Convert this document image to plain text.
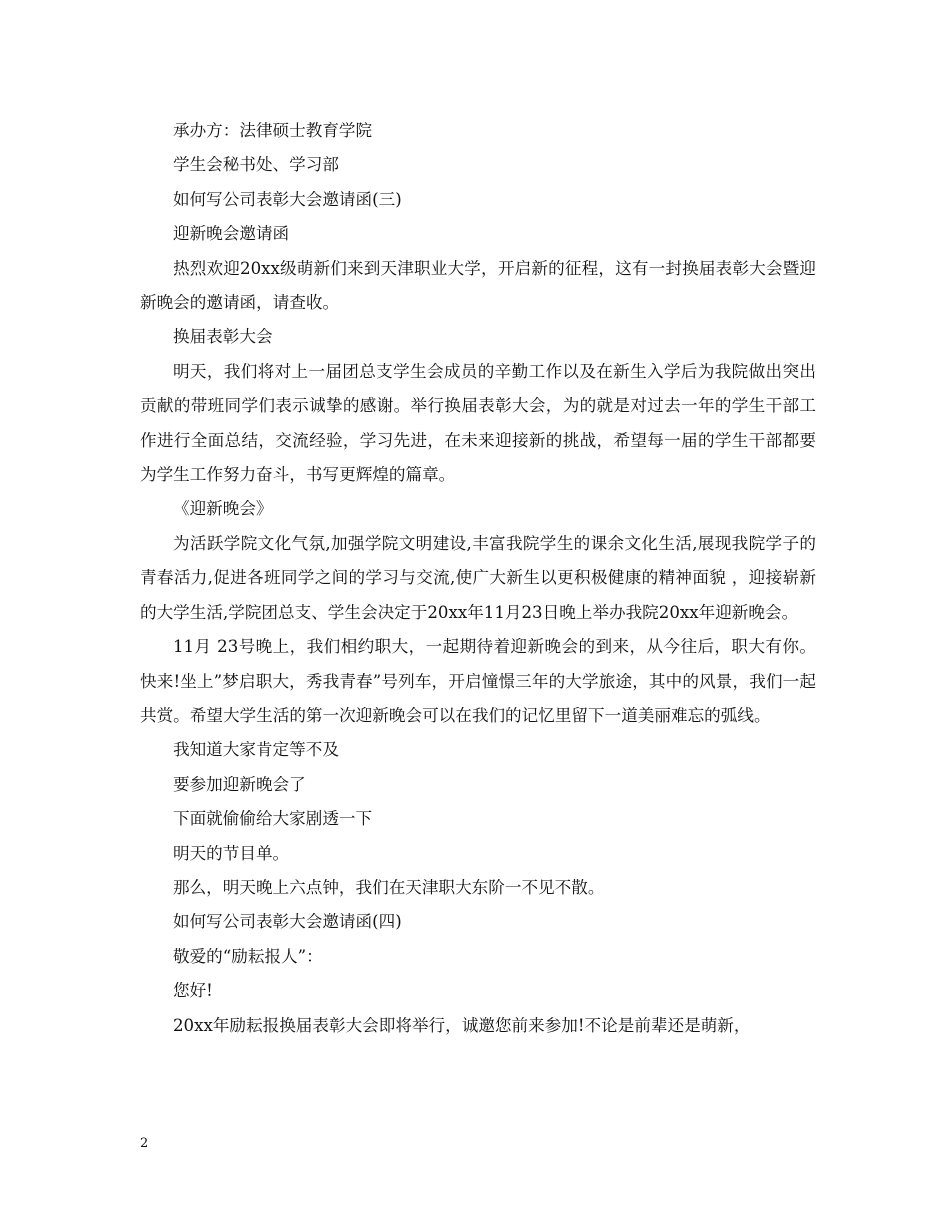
承办方：法律硕士教育学院

学生会秘书处、学习部

如何写公司表彰大会邀请函(三)

迎新晚会邀请函

热烈欢迎20xx级萌新们来到天津职业大学，开启新的征程，这有一封换届表彰大会暨迎新晚会的邀请函，请查收。

换届表彰大会

明天，我们将对上一届团总支学生会成员的辛勤工作以及在新生入学后为我院做出突出贡献的带班同学们表示诚挚的感谢。举行换届表彰大会，为的就是对过去一年的学生干部工作进行全面总结，交流经验，学习先进，在未来迎接新的挑战，希望每一届的学生干部都要为学生工作努力奋斗，书写更辉煌的篇章。

《迎新晚会》

为活跃学院文化气氛,加强学院文明建设,丰富我院学生的课余文化生活,展现我院学子的青春活力,促进各班同学之间的学习与交流,使广大新生以更积极健康的精神面貌 ，迎接崭新的大学生活,学院团总支、学生会决定于20xx年11月23日晚上举办我院20xx年迎新晚会。

11月 23号晚上，我们相约职大，一起期待着迎新晚会的到来，从今往后，职大有你。快来!坐上”梦启职大，秀我青春”号列车，开启憧憬三年的大学旅途，其中的风景，我们一起共赏。希望大学生活的第一次迎新晚会可以在我们的记忆里留下一道美丽难忘的弧线。

我知道大家肯定等不及

要参加迎新晚会了

下面就偷偷给大家剧透一下

明天的节目单。

那么，明天晚上六点钟，我们在天津职大东阶一不见不散。

如何写公司表彰大会邀请函(四)

敬爱的“励耘报人”：

您好!

20xx年励耘报换届表彰大会即将举行，诚邀您前来参加!不论是前辈还是萌新，

2
